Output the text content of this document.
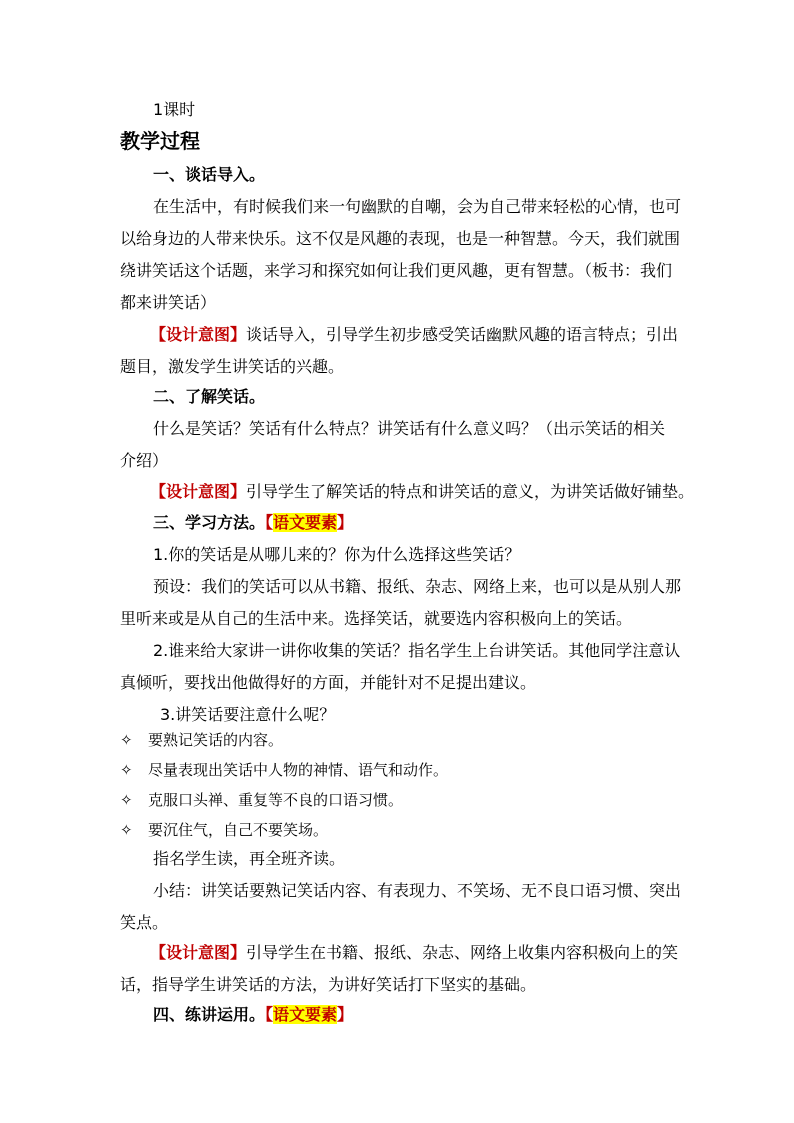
1课时
教学过程
一、谈话导入。
在生活中，有时候我们来一句幽默的自嘲，会为自己带来轻松的心情，也可
以给身边的人带来快乐。这不仅是风趣的表现，也是一种智慧。今天，我们就围
绕讲笑话这个话题，来学习和探究如何让我们更风趣，更有智慧。（板书：我们
都来讲笑话）
【设计意图】谈话导入，引导学生初步感受笑话幽默风趣的语言特点；引出
题目，激发学生讲笑话的兴趣。
二、了解笑话。
什么是笑话？笑话有什么特点？讲笑话有什么意义吗？（出示笑话的相关
介绍）
【设计意图】引导学生了解笑话的特点和讲笑话的意义，为讲笑话做好铺垫。
三、学习方法。【语文要素】
1.你的笑话是从哪儿来的？你为什么选择这些笑话？
预设：我们的笑话可以从书籍、报纸、杂志、网络上来，也可以是从别人那
里听来或是从自己的生活中来。选择笑话，就要选内容积极向上的笑话。
2.谁来给大家讲一讲你收集的笑话？指名学生上台讲笑话。其他同学注意认
真倾听，要找出他做得好的方面，并能针对不足提出建议。
3.讲笑话要注意什么呢？
✧ 要熟记笑话的内容。
✧ 尽量表现出笑话中人物的神情、语气和动作。
✧ 克服口头禅、重复等不良的口语习惯。
✧ 要沉住气，自己不要笑场。
指名学生读，再全班齐读。
小结：讲笑话要熟记笑话内容、有表现力、不笑场、无不良口语习惯、突出
笑点。
【设计意图】引导学生在书籍、报纸、杂志、网络上收集内容积极向上的笑
话，指导学生讲笑话的方法，为讲好笑话打下坚实的基础。
四、练讲运用。【语文要素】
